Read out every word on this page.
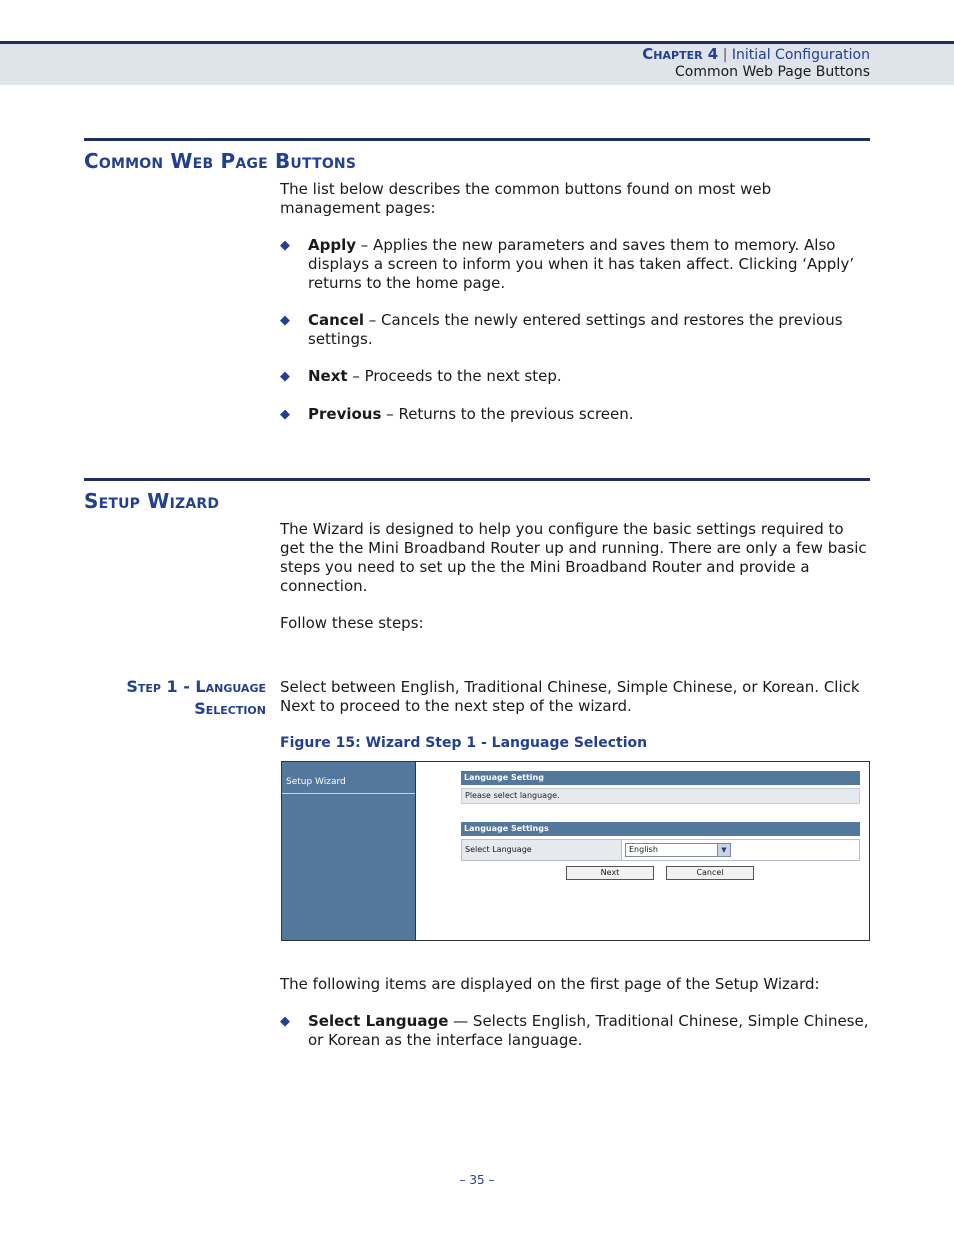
Chapter 4 | Initial Configuration
Common Web Page Buttons
Common Web Page Buttons
The list below describes the common buttons found on most web management pages:
◆ Apply – Applies the new parameters and saves them to memory. Also displays a screen to inform you when it has taken affect. Clicking ‘Apply’ returns to the home page.
◆ Cancel – Cancels the newly entered settings and restores the previous settings.
◆ Next – Proceeds to the next step.
◆ Previous – Returns to the previous screen.
Setup Wizard
The Wizard is designed to help you configure the basic settings required to get the the Mini Broadband Router up and running. There are only a few basic steps you need to set up the the Mini Broadband Router and provide a connection.
Follow these steps:
Step 1 - Language
Selection
Select between English, Traditional Chinese, Simple Chinese, or Korean. Click Next to proceed to the next step of the wizard.
Figure 15: Wizard Step 1 - Language Selection
Setup Wizard	Language Setting
Please select language.
Language Settings
Select Language	English	▼
Next	Cancel
The following items are displayed on the first page of the Setup Wizard:
◆ Select Language — Selects English, Traditional Chinese, Simple Chinese, or Korean as the interface language.
– 35 –
